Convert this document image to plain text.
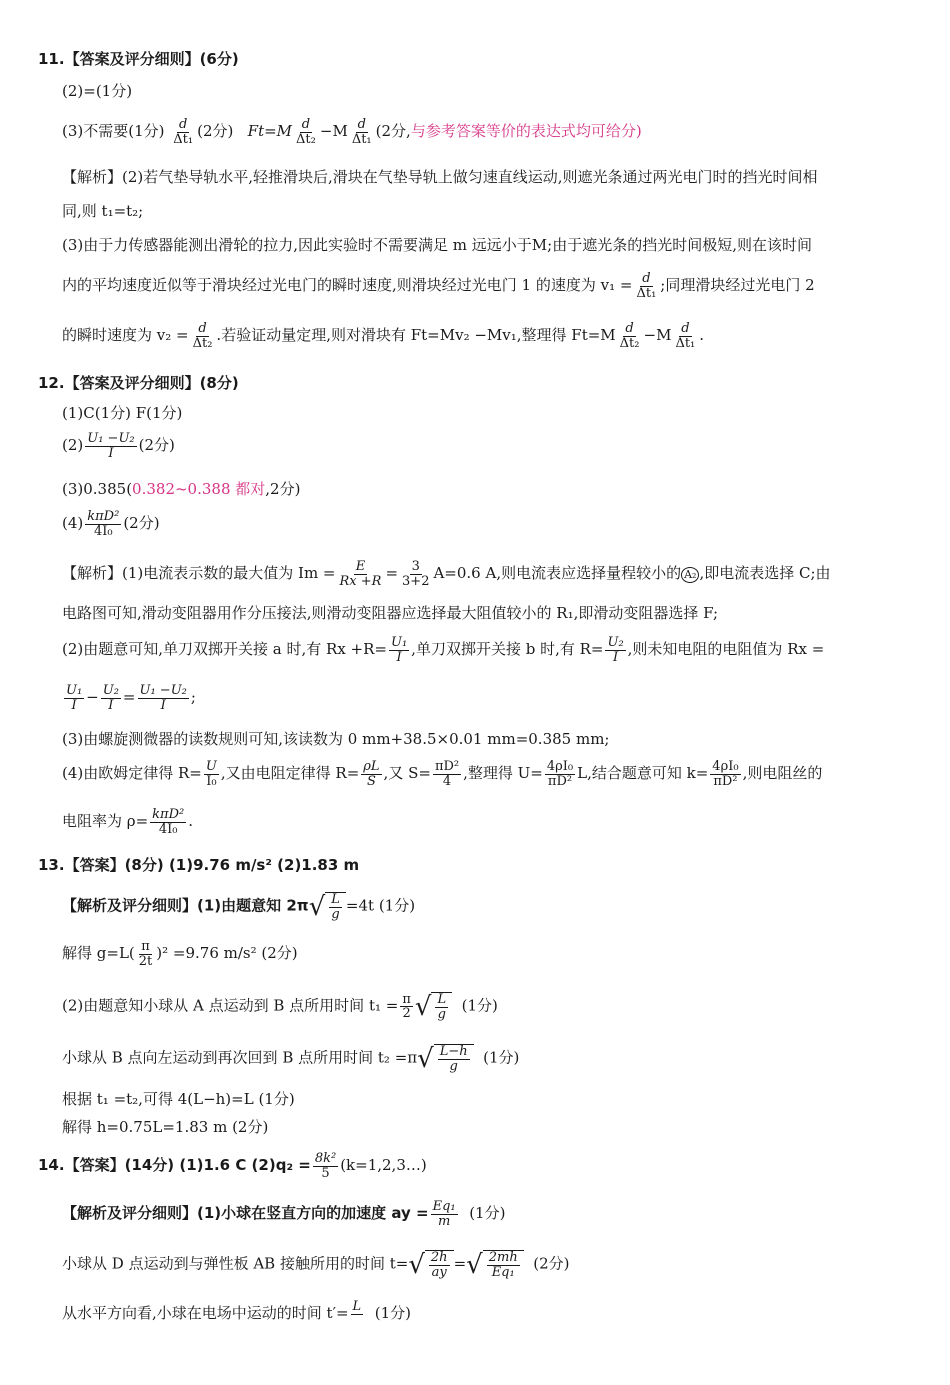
11.【答案及评分细则】(6分)
(2)=(1分)
(3)不需要(1分) $\frac{d}{\text{Δt₁}} (2$分) $Ft=M \frac{d}{\text{Δt₂}} -M \frac{d}{\text{Δt₁}} (2$分,与参考答案等价的表达式均可给分)
【解析】(2)若气垫导轨水平,轻推滑块后,滑块在气垫导轨上做匀速直线运动,则遮光条通过两光电门时的挡光时间相
同,则 t₁=t₂;
(3)由于力传感器能测出滑轮的拉力,因此实验时不需要满足 m 远远小于M;由于遮光条的挡光时间极短,则在该时间
内的平均速度近似等于滑块经过光电门的瞬时速度,则滑块经过光电门 1 的速度为 $v_1 = \frac{d}{\text{Δt₁}}$ ;同理滑块经过光电门 2
的瞬时速度为 $v_2 = \frac{d}{\text{Δt₂}}$ .若验证动量定理,则对滑块有 Ft=Mv₂ −Mv₁,整理得 $Ft=M \frac{d}{\text{Δt₂}} -M \frac{d}{\text{Δt₁}}$ .
12.【答案及评分细则】(8分)
(1)C(1分) F(1分)
$(2) \frac{\text{U₁ −U₂}}{I} (2$分)
(3)0.385(0.382~0.388 都对,2分)
(4) kπD²
4I₀ (2分)
【解析】(1)电流表示数的最大值为 $Im = \frac{E}{Rx +R} = \frac{3}{3+2} A=0.6$ A,则电流表应选择量程较小的 A₂ ,即电流表选择 C;由
电路图可知,滑动变阻器用作分压接法,则滑动变阻器应选择最大阻值较小的 R₁,即滑动变阻器选择 F;
(2)由题意可知,单刀双掷开关接 a 时,有 $Rx +R= \frac{\text{U₁}}{I}$ ,单刀双掷开关接 b 时,有 $R= \frac{\text{U₂}}{I}$ ,则未知电阻的电阻值为 Rx =
$\frac{\text{U₁}}{I} - \frac{\text{U₂}}{I} = \frac{\text{U₁ −U₂}}{I}$ ;
(3)由螺旋测微器的读数规则可知,该读数为 0 mm+38.5×0.01 mm=0.385 mm;
(4)由欧姆定律得 $R= \frac{U}{\text{I₀}}$ ,又由电阻定律得 $R= \frac{\rho L}{S}$ ,又 $S= \frac{\text{πD²}}{4}$ ,整理得 $U= \frac{\text{4ρI₀}}{\text{πD²}} L$,结合题意可知 $k= \frac{\text{4ρI₀}}{\text{πD²}}$ ,则电阻丝的
电阻率为 ρ= kπD²
4I₀ .
13.【答案】(8分) (1)9.76 m/s² (2)1.83 m
【解析及评分细则】(1)由题意知 2π √ $\frac{L}{g} =4t$ (1分)
解得 $g=L( \frac{\pi}{2t} )^2 =9.76$ m/s² (2分)
(2)由题意知小球从 A 点运动到 B 点所用时间 $t_1 = \frac{\pi}{2}$ √ $\frac{L}{g} (1$分)
小球从 B 点向左运动到再次回到 B 点所用时间 t₂ =π √ $\frac{L-h}{g} (1$分)
根据 t₁ =t₂,可得 4(L−h)=L (1分)
解得 h=0.75L=1.83 m (2分)
14.【答案】(14分) (1)1.6 C $(2)q_2 = \frac{\text{8k²}}{5}$ (k=1,2,3…)
【解析及评分细则】(1)小球在竖直方向的加速度 ay = $\frac{\text{Eq₁}}{m} (1$分)
小球从 D 点运动到与弹性板 AB 接触所用的时间 t= √ $\frac{2h}{ay}$ = √ $\frac{2mh}{\text{Eq₁}} (2$分)
从水平方向看,小球在电场中运动的时间 t′= L
(1分)
